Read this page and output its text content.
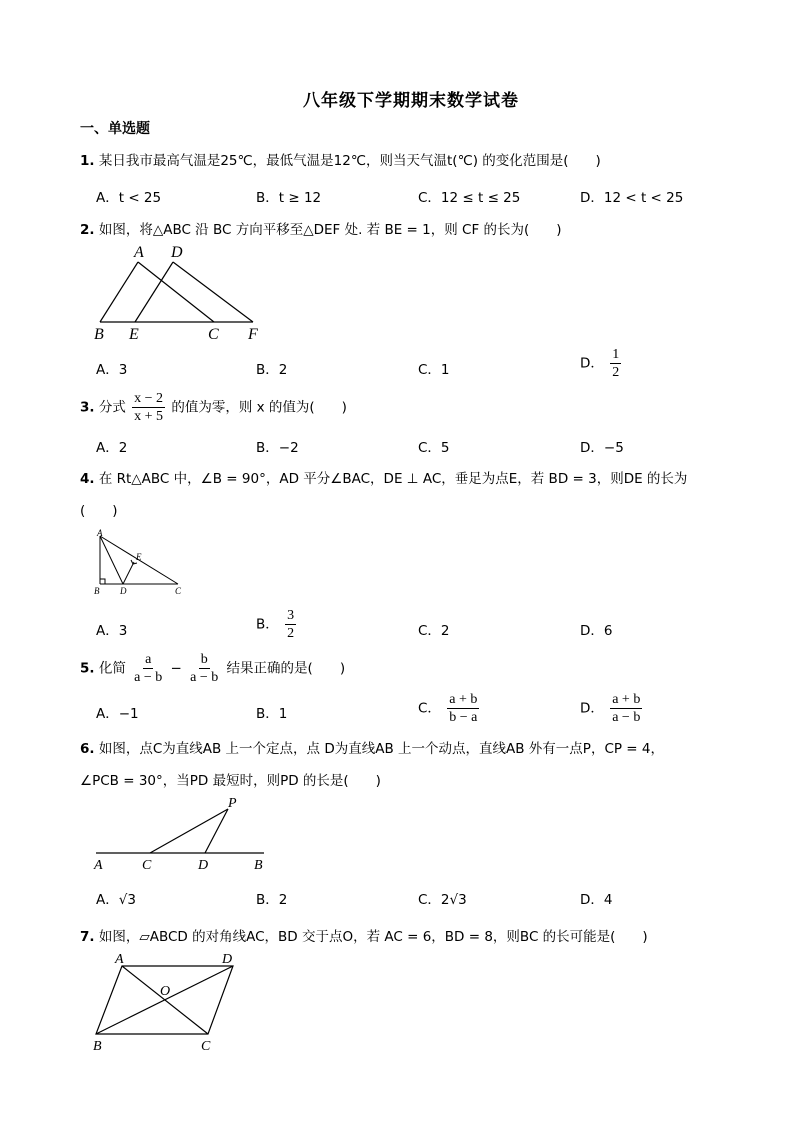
八年级下学期期末数学试卷
一、单选题
1. 某日我市最高气温是25℃，最低气温是12℃，则当天气温t(℃) 的变化范围是(　　)
A．t < 25	B．t ≥ 12	C．12 ≤ t ≤ 25	D．12 < t < 25
2. 如图，将△ABC 沿 BC 方向平移至△DEF 处. 若 BE = 1，则 CF 的长为(　　)
A D
B E	C F
A．3	B．2	C．1	D． $\frac{1}{2}$
3. 分式 $\frac{x - 2}{x + 5}$ 的值为零，则 x 的值为(　　)
A．2	B．−2	C．5	D．−5
4. 在 Rt△ABC 中，∠B = 90°，AD 平分∠BAC，DE ⊥ AC，垂足为点E，若 BD = 3，则DE 的长为
(　　)
A
E
B D	C
A．3	B． $\frac{3}{2}$	C．2	D．6
5. 化简 $\frac{a}{a - b} - \frac{b}{a - b}$ 结果正确的是(　　)
A．−1	B．1	C． $\frac{a + b}{b - a}$	D． $\frac{a + b}{a - b}$
6. 如图，点C为直线AB 上一个定点，点 D为直线AB 上一个动点，直线AB 外有一点P，CP = 4，
∠PCB = 30°，当PD 最短时，则PD 的长是(　　)
P
A	C	D	B
A．√3	B．2	C．2√3	D．4
7. 如图，▱ABCD 的对角线AC，BD 交于点O，若 AC = 6，BD = 8，则BC 的长可能是(　　)
A	D
O
B	C
